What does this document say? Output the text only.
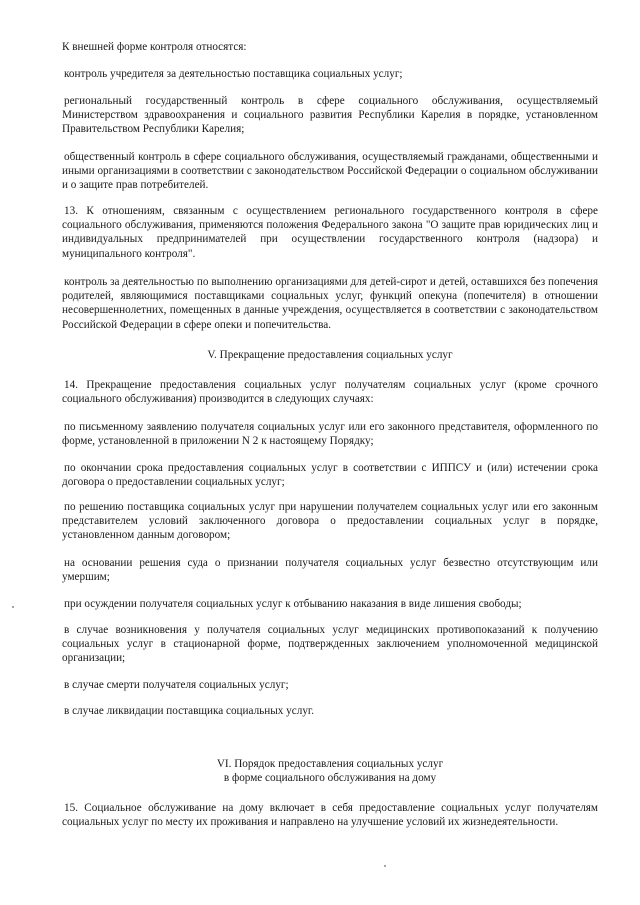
К внешней форме контроля относятся:

контроль учредителя за деятельностью поставщика социальных услуг;

региональный государственный контроль в сфере социального обслуживания, осуществляемый Министерством здравоохранения и социального развития Республики Карелия в порядке, установленном Правительством Республики Карелия;

общественный контроль в сфере социального обслуживания, осуществляемый гражданами, общественными и иными организациями в соответствии с законодательством Российской Федерации о социальном обслуживании и о защите прав потребителей.

13. К отношениям, связанным с осуществлением регионального государственного контроля в сфере социального обслуживания, применяются положения Федерального закона "О защите прав юридических лиц и индивидуальных предпринимателей при осуществлении государственного контроля (надзора) и муниципального контроля".

контроль за деятельностью по выполнению организациями для детей-сирот и детей, оставшихся без попечения родителей, являющимися поставщиками социальных услуг, функций опекуна (попечителя) в отношении несовершеннолетних, помещенных в данные учреждения, осуществляется в соответствии с законодательством Российской Федерации в сфере опеки и попечительства.

V. Прекращение предоставления социальных услуг

14. Прекращение предоставления социальных услуг получателям социальных услуг (кроме срочного социального обслуживания) производится в следующих случаях:

по письменному заявлению получателя социальных услуг или его законного представителя, оформленного по форме, установленной в приложении N 2 к настоящему Порядку;

по окончании срока предоставления социальных услуг в соответствии с ИППСУ и (или) истечении срока договора о предоставлении социальных услуг;

по решению поставщика социальных услуг при нарушении получателем социальных услуг или его законным представителем условий заключенного договора о предоставлении социальных услуг в порядке, установленном данным договором;

на основании решения суда о признании получателя социальных услуг безвестно отсутствующим или умершим;

при осуждении получателя социальных услуг к отбыванию наказания в виде лишения свободы;

в случае возникновения у получателя социальных услуг медицинских противопоказаний к получению социальных услуг в стационарной форме, подтвержденных заключением уполномоченной медицинской организации;

в случае смерти получателя социальных услуг;

в случае ликвидации поставщика социальных услуг.

VI. Порядок предоставления социальных услуг

в форме социального обслуживания на дому

15. Социальное обслуживание на дому включает в себя предоставление социальных услуг получателям социальных услуг по месту их проживания и направлено на улучшение условий их жизнедеятельности.
